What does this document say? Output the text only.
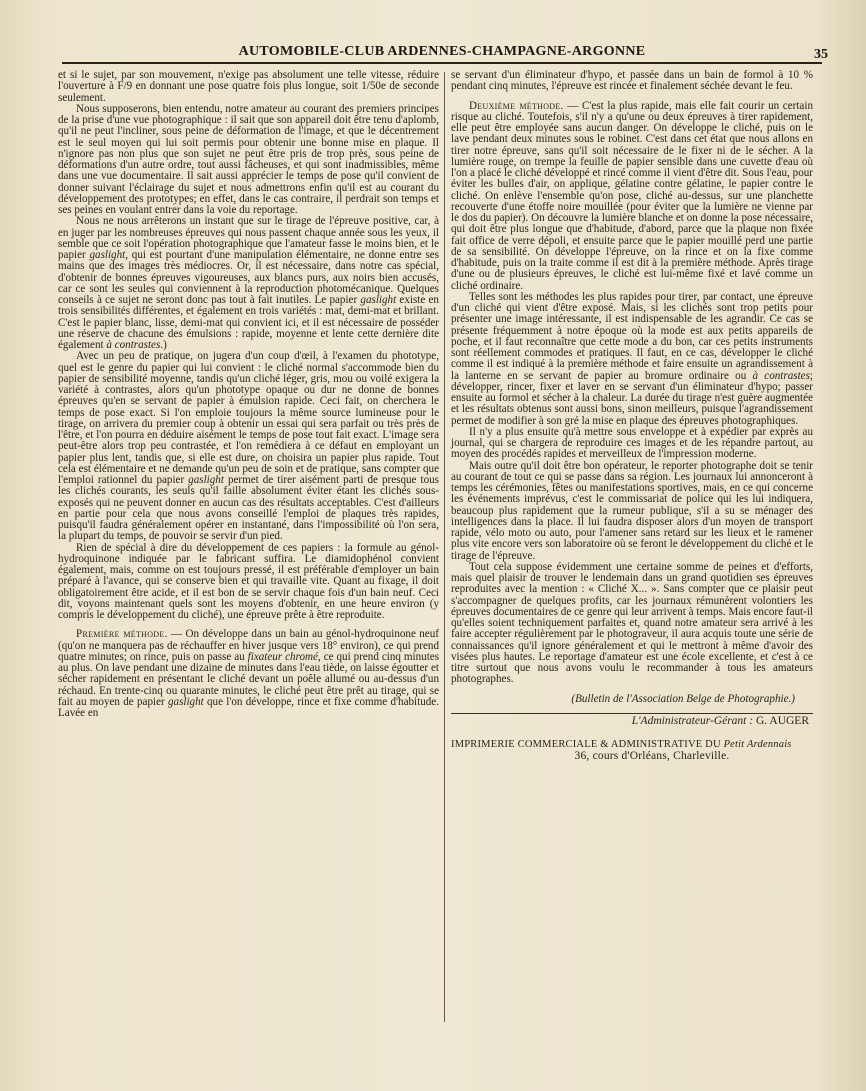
AUTOMOBILE-CLUB ARDENNES-CHAMPAGNE-ARGONNE	35

et si le sujet, par son mouvement, n'exige pas absolument une telle vitesse, réduire l'ouverture à F/9 en donnant une pose quatre fois plus longue, soit 1/50e de seconde seulement.

Nous supposerons, bien entendu, notre amateur au courant des premiers principes de la prise d'une vue photographique : il sait que son appareil doit être tenu d'aplomb, qu'il ne peut l'incliner, sous peine de déformation de l'image, et que le décentrement est le seul moyen qui lui soit permis pour obtenir une bonne mise en plaque. Il n'ignore pas non plus que son sujet ne peut être pris de trop près, sous peine de déformations d'un autre ordre, tout aussi fâcheuses, et qui sont inadmissibles, même dans une vue documentaire. Il sait aussi apprécier le temps de pose qu'il convient de donner suivant l'éclairage du sujet et nous admettrons enfin qu'il est au courant du développement des prototypes; en effet, dans le cas contraire, il perdrait son temps et ses peines en voulant entrer dans la voie du reportage.

Nous ne nous arrêterons un instant que sur le tirage de l'épreuve positive, car, à en juger par les nombreuses épreuves qui nous passent chaque année sous les yeux, il semble que ce soit l'opération photographique que l'amateur fasse le moins bien, et le papier gaslight, qui est pourtant d'une manipulation élémentaire, ne donne entre ses mains que des images très médiocres. Or, il est nécessaire, dans notre cas spécial, d'obtenir de bonnes épreuves vigoureuses, aux blancs purs, aux noirs bien accusés, car ce sont les seules qui conviennent à la reproduction photomécanique. Quelques conseils à ce sujet ne seront donc pas tout à fait inutiles. Le papier gaslight existe en trois sensibilités différentes, et également en trois variétés : mat, demi-mat et brillant. C'est le papier blanc, lisse, demi-mat qui convient ici, et il est nécessaire de posséder une réserve de chacune des émulsions : rapide, moyenne et lente cette dernière dite également à contrastes.)

Avec un peu de pratique, on jugera d'un coup d'œil, à l'examen du phototype, quel est le genre du papier qui lui convient : le cliché normal s'accommode bien du papier de sensibilité moyenne, tandis qu'un cliché léger, gris, mou ou voilé exigera la variété à contrastes, alors qu'un phototype opaque ou dur ne donne de bonnes épreuves qu'en se servant de papier à émulsion rapide. Ceci fait, on cherchera le temps de pose exact. Si l'on emploie toujours la même source lumineuse pour le tirage, on arrivera du premier coup à obtenir un essai qui sera parfait ou très près de l'être, et l'on pourra en déduire aisément le temps de pose tout fait exact. L'image sera peut-être alors trop peu contrastée, et l'on remédiera à ce défaut en employant un papier plus lent, tandis que, si elle est dure, on choisira un papier plus rapide. Tout cela est élémentaire et ne demande qu'un peu de soin et de pratique, sans compter que l'emploi rationnel du papier gaslight permet de tirer aisément parti de presque tous les clichés courants, les seuls qu'il faille absolument éviter étant les clichés sous-exposés qui ne peuvent donner en aucun cas des résultats acceptables. C'est d'ailleurs en partie pour cela que nous avons conseillé l'emploi de plaques très rapides, puisqu'il faudra généralement opérer en instantané, dans l'impossibilité où l'on sera, la plupart du temps, de pouvoir se servir d'un pied.

Rien de spécial à dire du développement de ces papiers : la formule au génol-hydroquinone indiquée par le fabricant suffira. Le diamidophénol convient également, mais, comme on est toujours pressé, il est préférable d'employer un bain préparé à l'avance, qui se conserve bien et qui travaille vite. Quant au fixage, il doit obligatoirement être acide, et il est bon de se servir chaque fois d'un bain neuf. Ceci dit, voyons maintenant quels sont les moyens d'obtenir, en une heure environ (y compris le développement du cliché), une épreuve prête à être reproduite.

Première méthode. — On développe dans un bain au génol-hydroquinone neuf (qu'on ne manquera pas de réchauffer en hiver jusque vers 18° environ), ce qui prend quatre minutes; on rince, puis on passe au fixateur chromé, ce qui prend cinq minutes au plus. On lave pendant une dizaine de minutes dans l'eau tiède, on laisse égoutter et sécher rapidement en présentant le cliché devant un poêle allumé ou au-dessus d'un réchaud. En trente-cinq ou quarante minutes, le cliché peut être prêt au tirage, qui se fait au moyen de papier gaslight que l'on développe, rince et fixe comme d'habitude. Lavée en

se servant d'un éliminateur d'hypo, et passée dans un bain de formol à 10 % pendant cinq minutes, l'épreuve est rincée et finalement séchée devant le feu.

Deuxième méthode. — C'est la plus rapide, mais elle fait courir un certain risque au cliché. Toutefois, s'il n'y a qu'une ou deux épreuves à tirer rapidement, elle peut être employée sans aucun danger. On développe le cliché, puis on le lave pendant deux minutes sous le robinet. C'est dans cet état que nous allons en tirer notre épreuve, sans qu'il soit nécessaire de le fixer ni de le sécher. A la lumière rouge, on trempe la feuille de papier sensible dans une cuvette d'eau où l'on a placé le cliché développé et rincé comme il vient d'être dit. Sous l'eau, pour éviter les bulles d'air, on applique, gélatine contre gélatine, le papier contre le cliché. On enlève l'ensemble qu'on pose, cliché au-dessus, sur une planchette recouverte d'une étoffe noire mouillée (pour éviter que la lumière ne vienne par le dos du papier). On découvre la lumière blanche et on donne la pose nécessaire, qui doit être plus longue que d'habitude, d'abord, parce que la plaque non fixée fait office de verre dépoli, et ensuite parce que le papier mouillé perd une partie de sa sensibilité. On développe l'épreuve, on la rince et on la fixe comme d'habitude, puis on la traite comme il est dit à la première méthode. Après tirage d'une ou de plusieurs épreuves, le cliché est lui-même fixé et lavé comme un cliché ordinaire.

Telles sont les méthodes les plus rapides pour tirer, par contact, une épreuve d'un cliché qui vient d'être exposé. Mais, si les clichés sont trop petits pour présenter une image intéressante, il est indispensable de les agrandir. Ce cas se présente fréquemment à notre époque où la mode est aux petits appareils de poche, et il faut reconnaître que cette mode a du bon, car ces petits instruments sont réellement commodes et pratiques. Il faut, en ce cas, développer le cliché comme il est indiqué à la première méthode et faire ensuite un agrandissement à la lanterne en se servant de papier au bromure ordinaire ou à contrastes; développer, rincer, fixer et laver en se servant d'un éliminateur d'hypo; passer ensuite au formol et sécher à la chaleur. La durée du tirage n'est guère augmentée et les résultats obtenus sont aussi bons, sinon meilleurs, puisque l'agrandissement permet de modifier à son gré la mise en plaque des épreuves photographiques.

Il n'y a plus ensuite qu'à mettre sous enveloppe et à expédier par exprès au journal, qui se chargera de reproduire ces images et de les répandre partout, au moyen des procédés rapides et merveilleux de l'impression moderne.

Mais outre qu'il doit être bon opérateur, le reporter photographe doit se tenir au courant de tout ce qui se passe dans sa région. Les journaux lui annonceront à temps les cérémonies, fêtes ou manifestations sportives, mais, en ce qui concerne les événements imprévus, c'est le commissariat de police qui les lui indiquera, beaucoup plus rapidement que la rumeur publique, s'il a su se ménager des intelligences dans la place. Il lui faudra disposer alors d'un moyen de transport rapide, vélo moto ou auto, pour l'amener sans retard sur les lieux et le ramener plus vite encore vers son laboratoire où se feront le développement du cliché et le tirage de l'épreuve.

Tout cela suppose évidemment une certaine somme de peines et d'efforts, mais quel plaisir de trouver le lendemain dans un grand quotidien ses épreuves reproduites avec la mention : « Cliché X... ». Sans compter que ce plaisir peut s'accompagner de quelques profits, car les journaux rémunèrent volontiers les épreuves documentaires de ce genre qui leur arrivent à temps. Mais encore faut-il qu'elles soient techniquement parfaites et, quand notre amateur sera arrivé à les faire accepter régulièrement par le photograveur, il aura acquis toute une série de connaissances qu'il ignore généralement et qui le mettront à même d'avoir des visées plus hautes. Le reportage d'amateur est une école excellente, et c'est à ce titre surtout que nous avons voulu le recommander à tous les amateurs photographes.

(Bulletin de l'Association Belge de Photographie.)
L'Administrateur-Gérant : G. AUGER
IMPRIMERIE COMMERCIALE & ADMINISTRATIVE DU Petit Ardennais
36, cours d'Orléans, Charleville.
